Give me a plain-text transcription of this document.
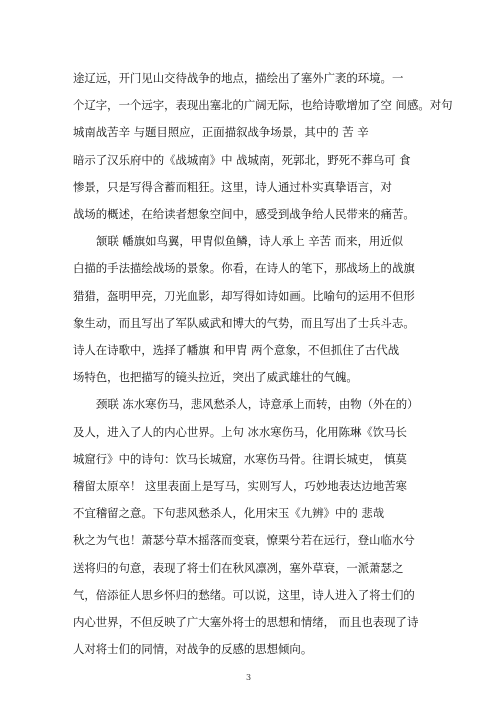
途辽远，开门见山交待战争的地点，描绘出了塞外广袤的环境。一
个辽字，一个远字，表现出塞北的广阔无际，也给诗歌增加了空 间感。对句
城南战苦辛 与题目照应，正面描叙战争场景，其中的 苦 辛
暗示了汉乐府中的《战城南》中 战城南，死郭北，野死不葬乌可 食
惨景，只是写得含蓄而粗狂。这里，诗人通过朴实真挚语言，对
战场的概述，在给读者想象空间中，感受到战争给人民带来的痛苦。
颔联 幡旗如鸟翼，甲胄似鱼鳞，诗人承上 辛苦 而来，用近似
白描的手法描绘战场的景象。你看，在诗人的笔下，那战场上的战旗
猎猎，盔明甲亮，刀光血影，却写得如诗如画。比喻句的运用不但形
象生动，而且写出了军队威武和博大的气势，而且写出了士兵斗志。
诗人在诗歌中，选择了幡旗 和甲胄 两个意象，不但抓住了古代战
场特色，也把描写的镜头拉近，突出了威武雄壮的气魄。
颈联 冻水寒伤马，悲风愁杀人，诗意承上而转，由物（外在的）
及人，进入了人的内心世界。上句 冰水寒伤马，化用陈琳《饮马长
城窟行》中的诗句：饮马长城窟，水寒伤马骨。往谓长城吏， 慎莫
稽留太原卒！ 这里表面上是写马，实则写人，巧妙地表达边地苦寒
不宜稽留之意。下句悲风愁杀人，化用宋玉《九辨》中的 悲哉
秋之为气也！萧瑟兮草木摇落而变衰，憭栗兮若在远行，登山临水兮
送将归的句意，表现了将士们在秋风凛冽，塞外草衰，一派萧瑟之
气，倍添征人思乡怀归的愁绪。可以说，这里，诗人进入了将士们的
内心世界，不但反映了广大塞外将士的思想和情绪， 而且也表现了诗
3
人对将士们的同情，对战争的反感的思想倾向。
